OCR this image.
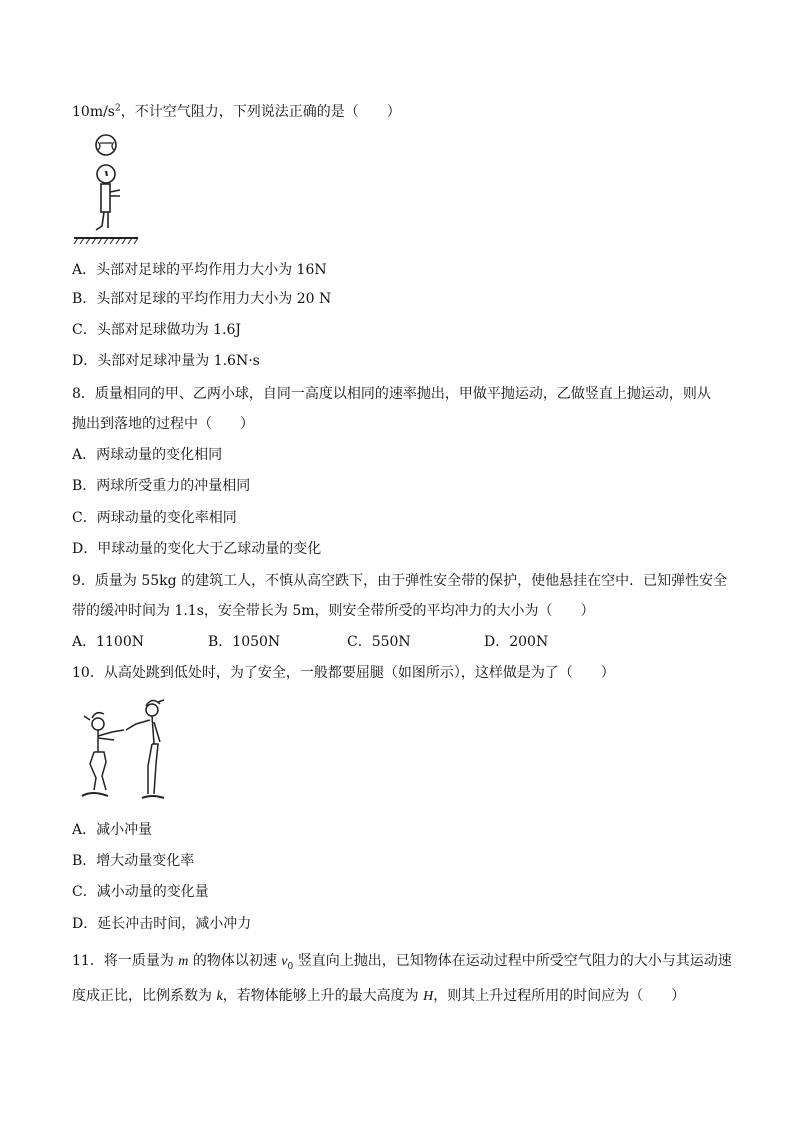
$10m/s^2$，不计空气阻力，下列说法正确的是（　　）
A．头部对足球的平均作用力大小为 16N
B．头部对足球的平均作用力大小为 20 N
C．头部对足球做功为 1.6J
D．头部对足球冲量为 1.6N·s
8．质量相同的甲、乙两小球，自同一高度以相同的速率抛出，甲做平抛运动，乙做竖直上抛运动，则从
抛出到落地的过程中（　　）
A．两球动量的变化相同
B．两球所受重力的冲量相同
C．两球动量的变化率相同
D．甲球动量的变化大于乙球动量的变化
9．质量为 55kg 的建筑工人，不慎从高空跌下，由于弹性安全带的保护，使他悬挂在空中．已知弹性安全
带的缓冲时间为 1.1s，安全带长为 5m，则安全带所受的平均冲力的大小为（　　）
A．1100N	B．1050N	C．550N	D．200N
10．从高处跳到低处时，为了安全，一般都要屈腿（如图所示），这样做是为了（　　）
A．减小冲量
B．增大动量变化率
C．减小动量的变化量
D．延长冲击时间，减小冲力
11．将一质量为 m 的物体以初速 $v_0$ 竖直向上抛出，已知物体在运动过程中所受空气阻力的大小与其运动速
度成正比，比例系数为 k，若物体能够上升的最大高度为 H，则其上升过程所用的时间应为（　　）
